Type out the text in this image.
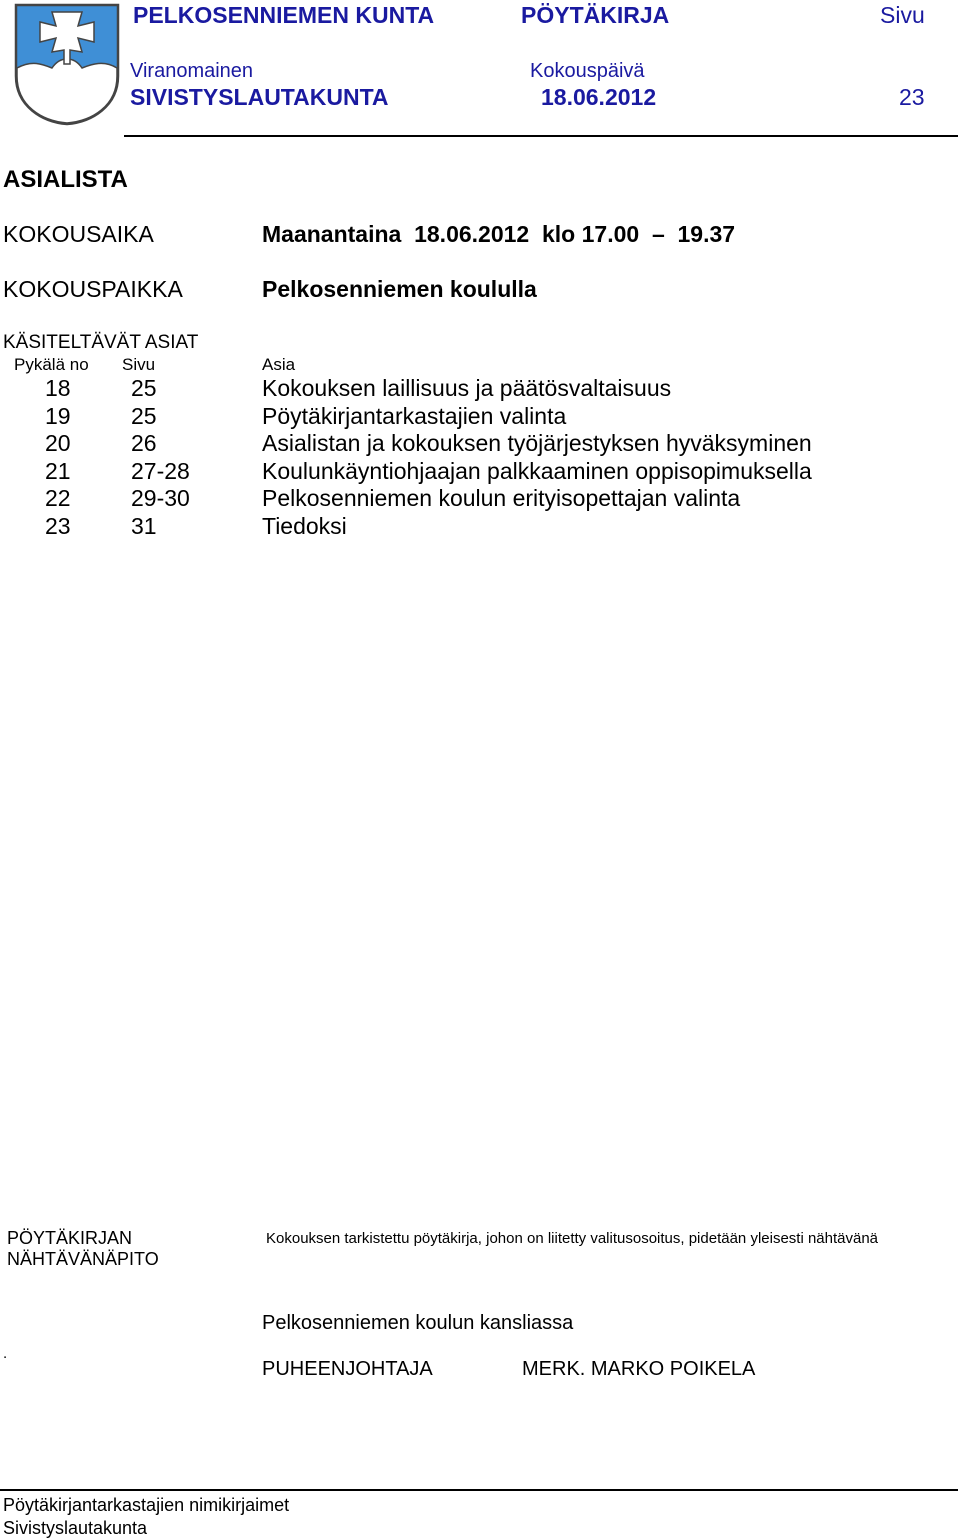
PELKOSENNIEMEN KUNTA	PÖYTÄKIRJA	Sivu
Viranomainen	Kokouspäivä
SIVISTYSLAUTAKUNTA	18.06.2012	23
ASIALISTA
KOKOUSAIKA	Maanantaina  18.06.2012  klo 17.00  –  19.37
KOKOUSPAIKKA	Pelkosenniemen koululla
KÄSITELTÄVÄT ASIAT
Pykälä no Sivu	Asia
18	25	Kokouksen laillisuus ja päätösvaltaisuus
19	25	Pöytäkirjantarkastajien valinta
20	26	Asialistan ja kokouksen työjärjestyksen hyväksyminen
21	27-28	Koulunkäyntiohjaajan palkkaaminen oppisopimuksella
22	29-30	Pelkosenniemen koulun erityisopettajan valinta
23	31	Tiedoksi
PÖYTÄKIRJAN
NÄHTÄVÄNÄPITO
Kokouksen tarkistettu pöytäkirja, johon on liitetty valitusosoitus, pidetään yleisesti nähtävänä
Pelkosenniemen koulun kansliassa
.
PUHEENJOHTAJA	MERK. MARKO POIKELA
Pöytäkirjantarkastajien nimikirjaimet
Sivistyslautakunta
